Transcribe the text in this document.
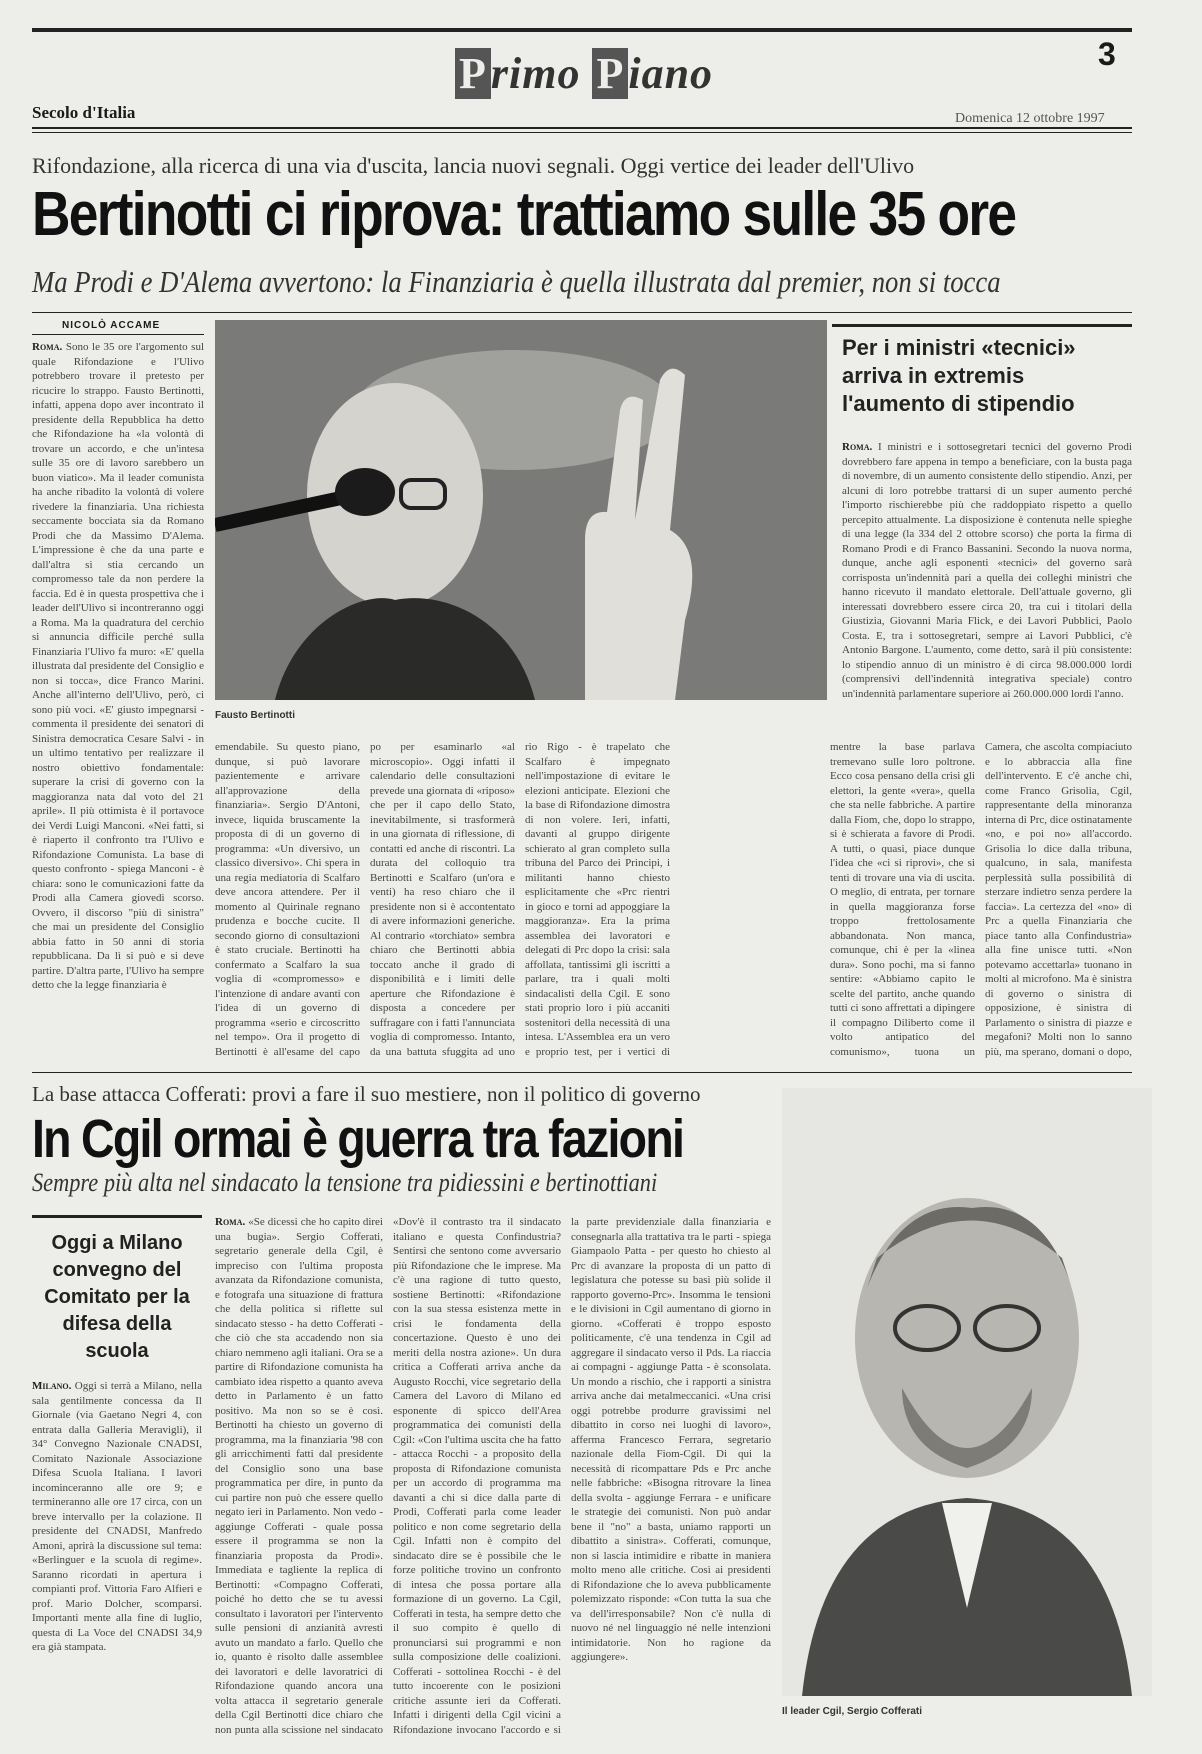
Primo Piano	3
Secolo d'Italia	Domenica 12 ottobre 1997
Rifondazione, alla ricerca di una via d'uscita, lancia nuovi segnali. Oggi vertice dei leader dell'Ulivo
Bertinotti ci riprova: trattiamo sulle 35 ore
Ma Prodi e D'Alema avvertono: la Finanziaria è quella illustrata dal premier, non si tocca
NICOLÒ ACCAME
Roma. Sono le 35 ore l'argomento sul quale Rifondazione e l'Ulivo potrebbero trovare il pretesto per ricucire lo strappo. Fausto Bertinotti, infatti, appena dopo aver incontrato il presidente della Repubblica ha detto che Rifondazione ha «la volontà di trovare un accordo, e che un'intesa sulle 35 ore di lavoro sarebbero un buon viatico». Ma il leader comunista ha anche ribadito la volontà di volere rivedere la finanziaria. Una richiesta seccamente bocciata sia da Romano Prodi che da Massimo D'Alema. L'impressione è che da una parte e dall'altra si stia cercando un compromesso tale da non perdere la faccia. Ed è in questa prospettiva che i leader dell'Ulivo si incontreranno oggi a Roma. Ma la quadratura del cerchio si annuncia difficile perché sulla Finanziaria l'Ulivo fa muro: «E' quella illustrata dal presidente del Consiglio e non si tocca», dice Franco Marini. Anche all'interno dell'Ulivo, però, ci sono più voci. «E' giusto impegnarsi - commenta il presidente dei senatori di Sinistra democratica Cesare Salvi - in un ultimo tentativo per realizzare il nostro obiettivo fondamentale: superare la crisi di governo con la maggioranza nata dal voto del 21 aprile». Il più ottimista è il portavoce dei Verdi Luigi Manconi. «Nei fatti, si è riaperto il confronto tra l'Ulivo e Rifondazione Comunista. La base di questo confronto - spiega Manconi - è chiara: sono le comunicazioni fatte da Prodi alla Camera giovedì scorso. Ovvero, il discorso "più di sinistra" che mai un presidente del Consiglio abbia fatto in 50 anni di storia repubblicana. Da lì si può e si deve partire. D'altra parte, l'Ulivo ha sempre detto che la legge finanziaria è
Fausto Bertinotti
Per i ministri «tecnici» arriva in extremis l'aumento di stipendio
Roma. I ministri e i sottosegretari tecnici del governo Prodi dovrebbero fare appena in tempo a beneficiare, con la busta paga di novembre, di un aumento consistente dello stipendio. Anzi, per alcuni di loro potrebbe trattarsi di un super aumento perché l'importo rischierebbe più che raddoppiato rispetto a quello percepito attualmente. La disposizione è contenuta nelle spieghe di una legge (la 334 del 2 ottobre scorso) che porta la firma di Romano Prodi e di Franco Bassanini. Secondo la nuova norma, dunque, anche agli esponenti «tecnici» del governo sarà corrisposta un'indennità pari a quella dei colleghi ministri che hanno ricevuto il mandato elettorale. Dell'attuale governo, gli interessati dovrebbero essere circa 20, tra cui i titolari della Giustizia, Giovanni Maria Flick, e dei Lavori Pubblici, Paolo Costa. E, tra i sottosegretari, sempre ai Lavori Pubblici, c'è Antonio Bargone. L'aumento, come detto, sarà il più consistente: lo stipendio annuo di un ministro è di circa 98.000.000 lordi (comprensivi dell'indennità integrativa speciale) contro un'indennità parlamentare superiore ai 260.000.000 lordi l'anno.
emendabile. Su questo piano, dunque, si può lavorare pazientemente e arrivare all'approvazione della finanziaria». Sergio D'Antoni, invece, liquida bruscamente la proposta di di un governo di programma: «Un diversivo, un classico diversivo». Chi spera in una regia mediatoria di Scalfaro deve ancora attendere. Per il momento al Quirinale regnano prudenza e bocche cucite. Il secondo giorno di consultazioni è stato cruciale. Bertinotti ha confermato a Scalfaro la sua voglia di «compromesso» e l'intenzione di andare avanti con l'idea di un governo di programma «serio e circoscritto nel tempo». Ora il progetto di Bertinotti è all'esame del capo
po per esaminarlo «al microscopio». Oggi infatti il calendario delle consultazioni prevede una giornata di «riposo» che per il capo dello Stato, inevitabilmente, si trasformerà in una giornata di riflessione, di contatti ed anche di riscontri. La durata del colloquio tra Bertinotti e Scalfaro (un'ora e venti) ha reso chiaro che il presidente non si è accontentato di avere informazioni generiche. Al contrario «torchiato» sembra chiaro che Bertinotti abbia toccato anche il grado di disponibilità e i limiti delle aperture che Rifondazione è disposta a concedere per suffragare con i fatti l'annunciata voglia di compromesso. Intanto, da una battuta sfuggita ad uno
rio Rigo - è trapelato che Scalfaro è impegnato nell'impostazione di evitare le elezioni anticipate. Elezioni che la base di Rifondazione dimostra di non volere. Ieri, infatti, davanti al gruppo dirigente schierato al gran completo sulla tribuna del Parco dei Principi, i militanti hanno chiesto esplicitamente che «Prc rientri in gioco e torni ad appoggiare la maggioranza». Era la prima assemblea dei lavoratori e delegati di Prc dopo la crisi: sala affollata, tantissimi gli iscritti a parlare, tra i quali molti sindacalisti della Cgil. E sono stati proprio loro i più accaniti sostenitori della necessità di una intesa. L'Assemblea era un vero e proprio test, per i vertici di
mentre la base parlava tremevano sulle loro poltrone. Ecco cosa pensano della crisi gli elettori, la gente «vera», quella che sta nelle fabbriche. A partire dalla Fiom, che, dopo lo strappo, si è schierata a favore di Prodi. A tutti, o quasi, piace dunque l'idea che «ci si riprovi», che si tenti di trovare una via di uscita. O meglio, di entrata, per tornare in quella maggioranza forse troppo frettolosamente abbandonata. Non manca, comunque, chi è per la «linea dura». Sono pochi, ma si fanno sentire: «Abbiamo capito le scelte del partito, anche quando tutti ci sono affrettati a dipingere il compagno Diliberto come il volto antipatico del comunismo», tuona un
Camera, che ascolta compiaciuto e lo abbraccia alla fine dell'intervento. E c'è anche chi, come Franco Grisolia, Cgil, rappresentante della minoranza interna di Prc, dice ostinatamente «no, e poi no» all'accordo. Grisolia lo dice dalla tribuna, qualcuno, in sala, manifesta perplessità sulla possibilità di sterzare indietro senza perdere la faccia». La certezza del «no» di Prc a quella Finanziaria che piace tanto alla Confindustria» alla fine unisce tutti. «Non potevamo accettarla» tuonano in molti al microfono. Ma è sinistra di governo o sinistra di opposizione, è sinistra di Parlamento o sinistra di piazze e megafoni? Molti non lo sanno più, ma sperano, domani o dopo,
La base attacca Cofferati: provi a fare il suo mestiere, non il politico di governo
In Cgil ormai è guerra tra fazioni
Sempre più alta nel sindacato la tensione tra pidiessini e bertinottiani
Oggi a Milano convegno del Comitato per la difesa della scuola
Milano. Oggi si terrà a Milano, nella sala gentilmente concessa da Il Giornale (via Gaetano Negri 4, con entrata dalla Galleria Meravigli), il 34° Convegno Nazionale CNADSI, Comitato Nazionale Associazione Difesa Scuola Italiana. I lavori incominceranno alle ore 9; e termineranno alle ore 17 circa, con un breve intervallo per la colazione. Il presidente del CNADSI, Manfredo Amoni, aprirà la discussione sul tema: «Berlinguer e la scuola di regime». Saranno ricordati in apertura i compianti prof. Vittoria Faro Alfieri e prof. Mario Dolcher, scomparsi. Importanti mente alla fine di luglio, questa di La Voce del CNADSI 34,9 era già stampata.
Roma. «Se dicessi che ho capito direi una bugia». Sergio Cofferati, segretario generale della Cgil, è impreciso con l'ultima proposta avanzata da Rifondazione comunista, e fotografa una situazione di frattura che della politica si riflette sul sindacato stesso - ha detto Cofferati - che ciò che sta accadendo non sia chiaro nemmeno agli italiani. Ora se a partire di Rifondazione comunista ha cambiato idea rispetto a quanto aveva detto in Parlamento è un fatto positivo. Ma non so se è così. Bertinotti ha chiesto un governo di programma, ma la finanziaria '98 con gli arricchimenti fatti dal presidente del Consiglio sono una base programmatica per dire, in punto da cui partire non può che essere quello negato ieri in Parlamento. Non vedo - aggiunge Cofferati - quale possa essere il programma se non la finanziaria proposta da Prodi». Immediata e tagliente la replica di Bertinotti: «Compagno Cofferati, poiché ho detto che se tu avessi consultato i lavoratori per l'intervento sulle pensioni di anzianità avresti avuto un mandato a farlo. Quello che io, quanto è risolto dalle assemblee dei lavoratori e delle lavoratrici di Rifondazione quando ancora una volta attacca il segretario generale della Cgil Bertinotti dice chiaro che non punta alla scissione nel sindacato
«Dov'è il contrasto tra il sindacato italiano e questa Confindustria? Sentirsi che sentono come avversario più Rifondazione che le imprese. Ma c'è una ragione di tutto questo, sostiene Bertinotti: «Rifondazione con la sua stessa esistenza mette in crisi le fondamenta della concertazione. Questo è uno dei meriti della nostra azione». Un dura critica a Cofferati arriva anche da Augusto Rocchi, vice segretario della Camera del Lavoro di Milano ed esponente di spicco dell'Area programmatica dei comunisti della Cgil: «Con l'ultima uscita che ha fatto - attacca Rocchi - a proposito della proposta di Rifondazione comunista per un accordo di programma ma davanti a chi si dice dalla parte di Prodi, Cofferati parla come leader politico e non come segretario della Cgil. Infatti non è compito del sindacato dire se è possibile che le forze politiche trovino un confronto di intesa che possa portare alla formazione di un governo. La Cgil, Cofferati in testa, ha sempre detto che il suo compito è quello di pronunciarsi sui programmi e non sulla composizione delle coalizioni. Cofferati - sottolinea Rocchi - è del tutto incoerente con le posizioni critiche assunte ieri da Cofferati. Infatti i dirigenti della Cgil vicini a Rifondazione invocano l'accordo e si
la parte previdenziale dalla finanziaria e consegnarla alla trattativa tra le parti - spiega Giampaolo Patta - per questo ho chiesto al Prc di avanzare la proposta di un patto di legislatura che potesse su basi più solide il rapporto governo-Prc». Insomma le tensioni e le divisioni in Cgil aumentano di giorno in giorno. «Cofferati è troppo esposto politicamente, c'è una tendenza in Cgil ad aggregare il sindacato verso il Pds. La riaccia ai compagni - aggiunge Patta - è sconsolata. Un mondo a rischio, che i rapporti a sinistra arriva anche dai metalmeccanici. «Una crisi oggi potrebbe produrre gravissimi nel dibattito in corso nei luoghi di lavoro», afferma Francesco Ferrara, segretario nazionale della Fiom-Cgil. Di qui la necessità di ricompattare Pds e Prc anche nelle fabbriche: «Bisogna ritrovare la linea della svolta - aggiunge Ferrara - e unificare le strategie dei comunisti. Non può andar bene il "no" a basta, uniamo rapporti un dibattito a sinistra». Cofferati, comunque, non si lascia intimidire e ribatte in maniera molto meno alle critiche. Così ai presidenti di Rifondazione che lo aveva pubblicamente polemizzato risponde: «Con tutta la sua che va dell'irresponsabile? Non c'è nulla di nuovo né nel linguaggio né nelle intenzioni intimidatorie. Non ho ragione da aggiungere».
Il leader Cgil, Sergio Cofferati
